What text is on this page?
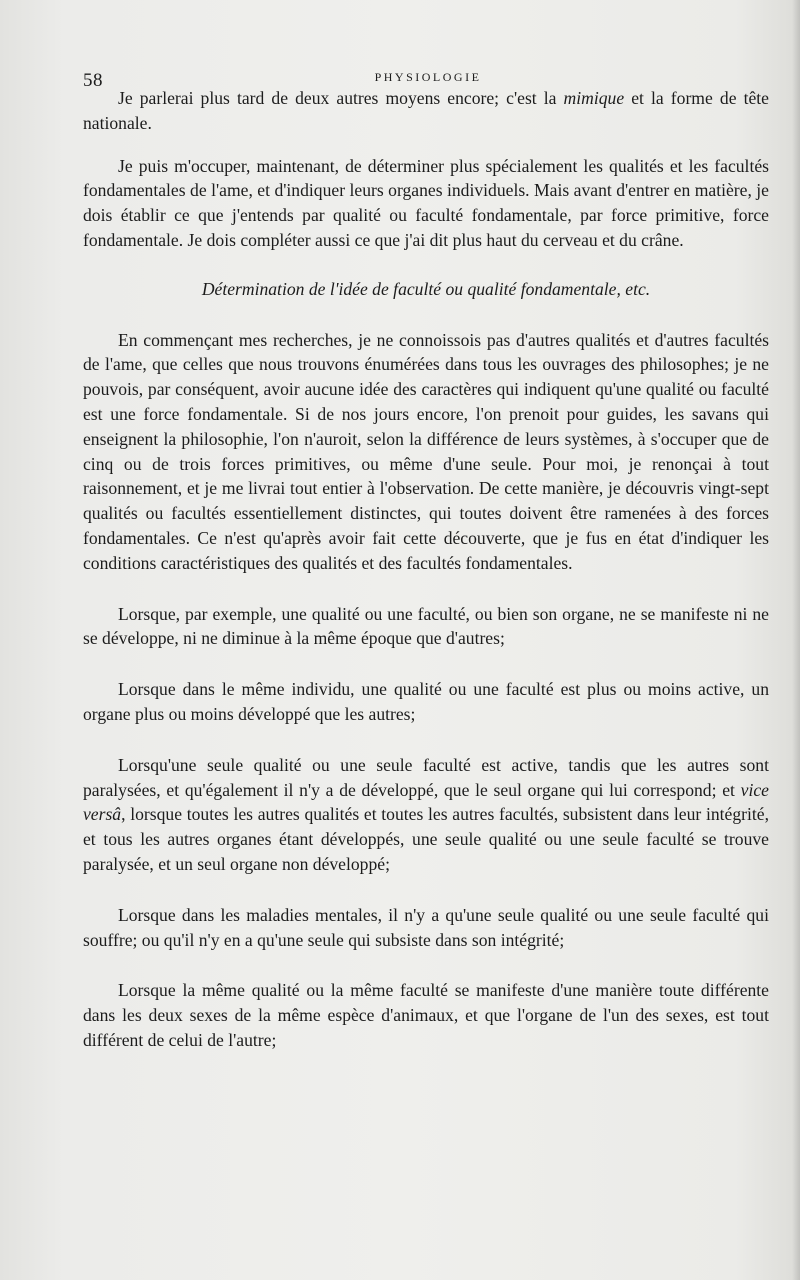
58	PHYSIOLOGIE

Je parlerai plus tard de deux autres moyens encore; c'est la mimique et la forme de tête nationale.

Je puis m'occuper, maintenant, de déterminer plus spécialement les qualités et les facultés fondamentales de l'ame, et d'indiquer leurs organes individuels. Mais avant d'entrer en matière, je dois établir ce que j'entends par qualité ou faculté fondamentale, par force primitive, force fondamentale. Je dois compléter aussi ce que j'ai dit plus haut du cerveau et du crâne.

Détermination de l'idée de faculté ou qualité fondamentale, etc.

En commençant mes recherches, je ne connoissois pas d'autres qualités et d'autres facultés de l'ame, que celles que nous trouvons énumérées dans tous les ouvrages des philosophes; je ne pouvois, par conséquent, avoir aucune idée des caractères qui indiquent qu'une qualité ou faculté est une force fondamentale. Si de nos jours encore, l'on prenoit pour guides, les savans qui enseignent la philosophie, l'on n'auroit, selon la différence de leurs systèmes, à s'occuper que de cinq ou de trois forces primitives, ou même d'une seule. Pour moi, je renonçai à tout raisonnement, et je me livrai tout entier à l'observation. De cette manière, je découvris vingt-sept qualités ou facultés essentiellement distinctes, qui toutes doivent être ramenées à des forces fondamentales. Ce n'est qu'après avoir fait cette découverte, que je fus en état d'indiquer les conditions caractéristiques des qualités et des facultés fondamentales.

Lorsque, par exemple, une qualité ou une faculté, ou bien son organe, ne se manifeste ni ne se développe, ni ne diminue à la même époque que d'autres;

Lorsque dans le même individu, une qualité ou une faculté est plus ou moins active, un organe plus ou moins développé que les autres;

Lorsqu'une seule qualité ou une seule faculté est active, tandis que les autres sont paralysées, et qu'également il n'y a de développé, que le seul organe qui lui correspond; et vice versâ, lorsque toutes les autres qualités et toutes les autres facultés, subsistent dans leur intégrité, et tous les autres organes étant développés, une seule qualité ou une seule faculté se trouve paralysée, et un seul organe non développé;

Lorsque dans les maladies mentales, il n'y a qu'une seule qualité ou une seule faculté qui souffre; ou qu'il n'y en a qu'une seule qui subsiste dans son intégrité;

Lorsque la même qualité ou la même faculté se manifeste d'une manière toute différente dans les deux sexes de la même espèce d'animaux, et que l'organe de l'un des sexes, est tout différent de celui de l'autre;
